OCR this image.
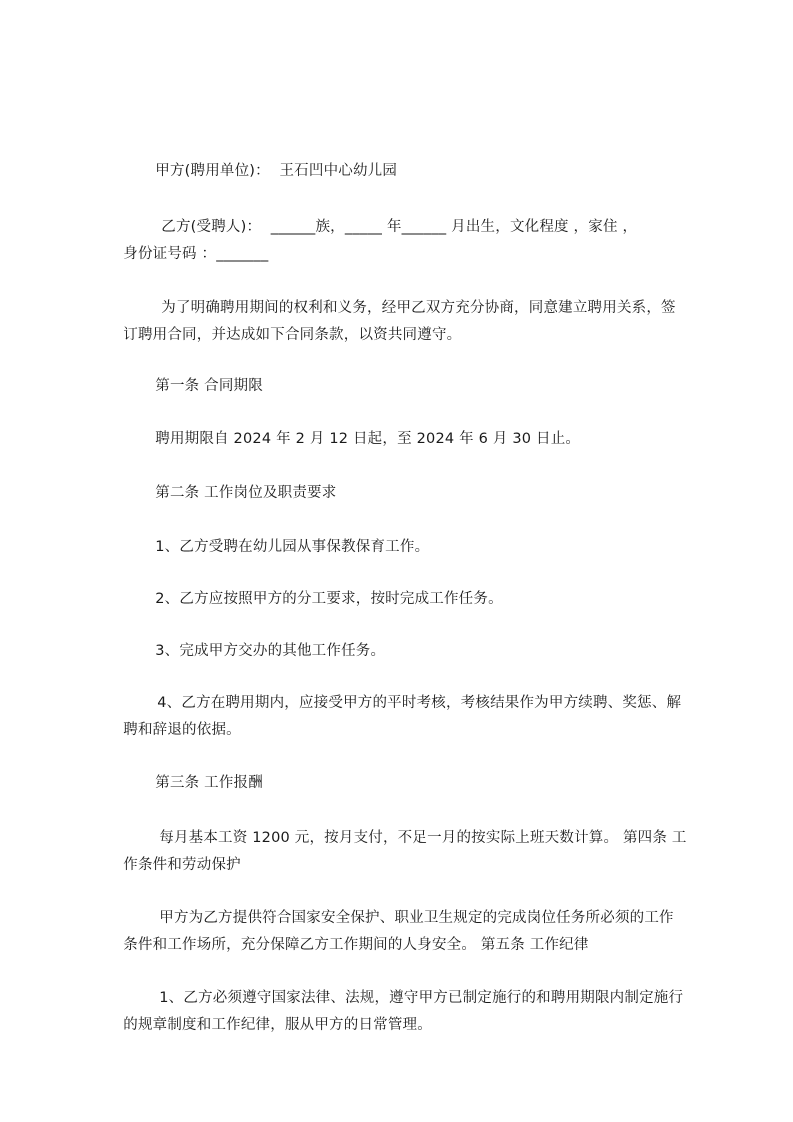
甲方(聘用单位)：  王石凹中心幼儿园

乙方(受聘人)：  ______族，_____ 年______ 月出生，文化程度 ，家住 ，

身份证号码 ：_______

为了明确聘用期间的权利和义务，经甲乙双方充分协商，同意建立聘用关系，签

订聘用合同，并达成如下合同条款，以资共同遵守。

第一条 合同期限

聘用期限自 2024 年 2 月 12 日起，至 2024 年 6 月 30 日止。

第二条 工作岗位及职责要求

1、乙方受聘在幼儿园从事保教保育工作。

2、乙方应按照甲方的分工要求，按时完成工作任务。

3、完成甲方交办的其他工作任务。

4、乙方在聘用期内，应接受甲方的平时考核，考核结果作为甲方续聘、奖惩、解

聘和辞退的依据。

第三条 工作报酬

每月基本工资 1200 元，按月支付，不足一月的按实际上班天数计算。 第四条 工

作条件和劳动保护

甲方为乙方提供符合国家安全保护、职业卫生规定的完成岗位任务所必须的工作

条件和工作场所，充分保障乙方工作期间的人身安全。 第五条 工作纪律

1、乙方必须遵守国家法律、法规，遵守甲方已制定施行的和聘用期限内制定施行

的规章制度和工作纪律，服从甲方的日常管理。
